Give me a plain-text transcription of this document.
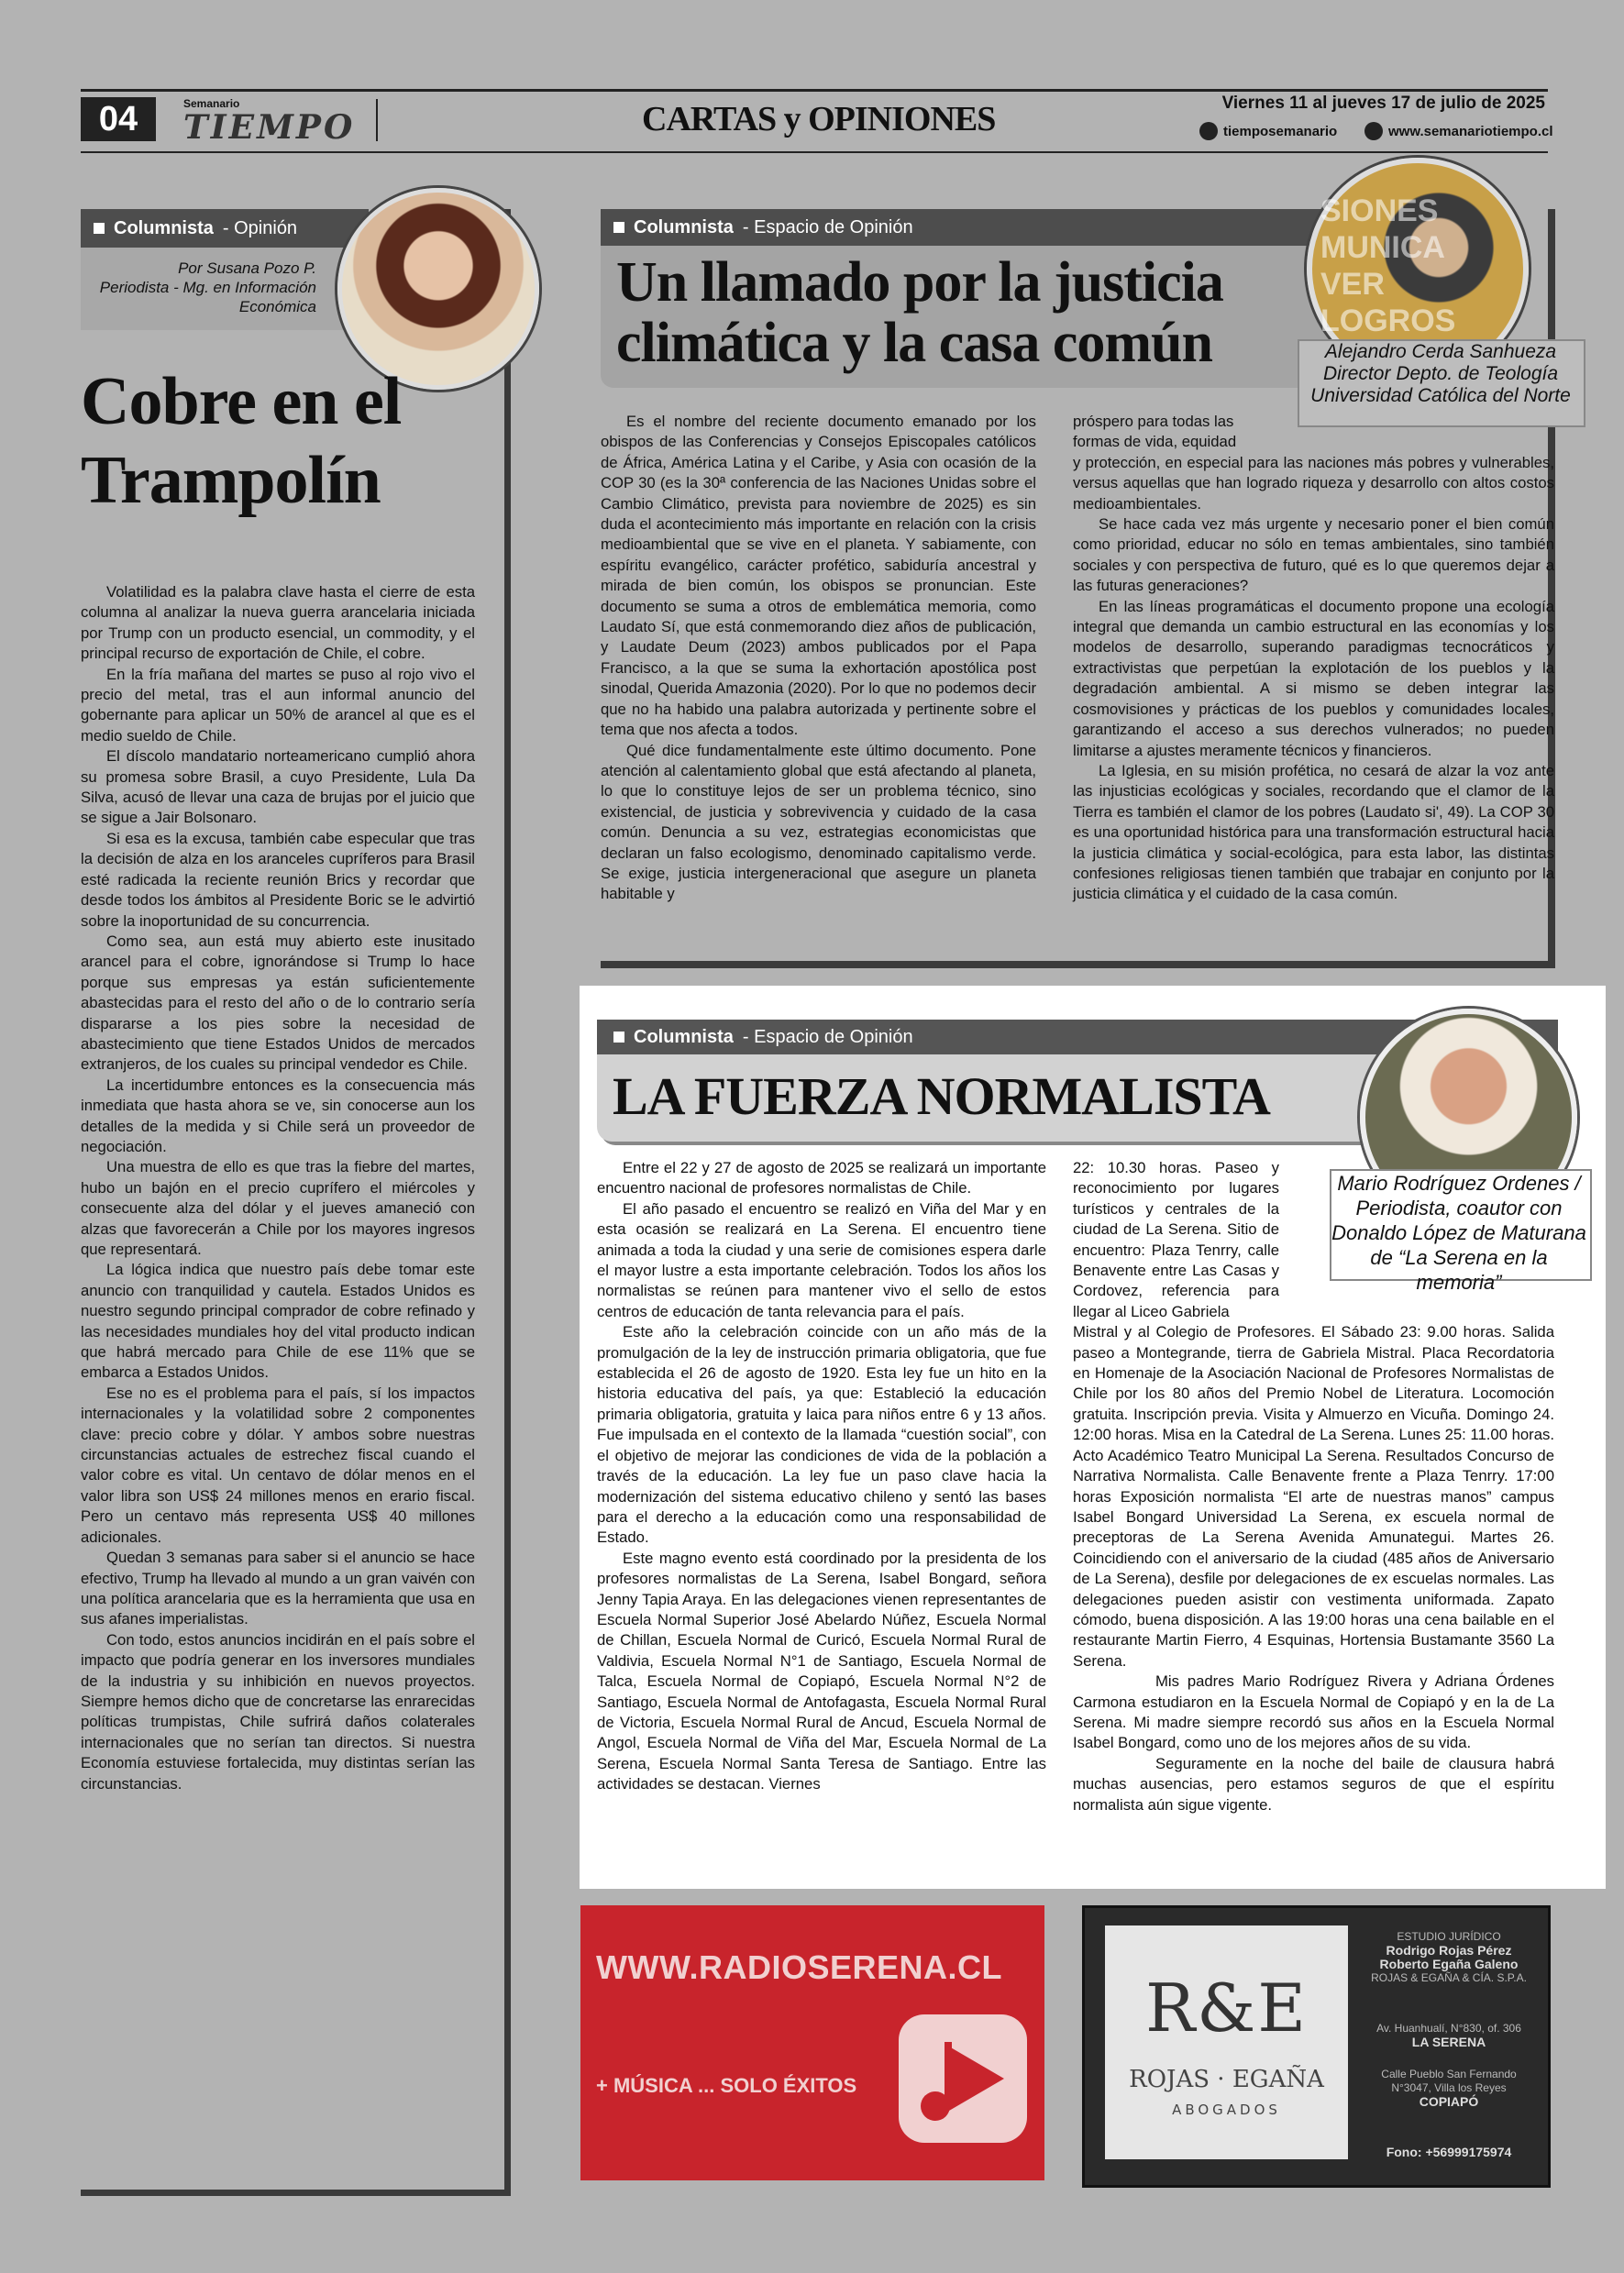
04	Semanario
TIEMPO	CARTAS y OPINIONES	Viernes 11 al jueves 17 de julio de 2025
tiemposemanario	www.semanariotiempo.cl
Columnista - Opinión
Por Susana Pozo P.
Periodista - Mg. en Información
Económica
Cobre en el Trampolín

Volatilidad es la palabra clave hasta el cierre de esta columna al analizar la nueva guerra arancelaria iniciada por Trump con un producto esencial, un commodity, y el principal recurso de exportación de Chile, el cobre.

En la fría mañana del martes se puso al rojo vivo el precio del metal, tras el aun informal anuncio del gobernante para aplicar un 50% de arancel al que es el medio sueldo de Chile.

El díscolo mandatario norteamericano cumplió ahora su promesa sobre Brasil, a cuyo Presidente, Lula Da Silva, acusó de llevar una caza de brujas por el juicio que se sigue a Jair Bolsonaro.

Si esa es la excusa, también cabe especular que tras la decisión de alza en los aranceles cupríferos para Brasil esté radicada la reciente reunión Brics y recordar que desde todos los ámbitos al Presidente Boric se le advirtió sobre la inoportunidad de su concurrencia.

Como sea, aun está muy abierto este inusitado arancel para el cobre, ignorándose si Trump lo hace porque sus empresas ya están suficientemente abastecidas para el resto del año o de lo contrario sería dispararse a los pies sobre la necesidad de abastecimiento que tiene Estados Unidos de mercados extranjeros, de los cuales su principal vendedor es Chile.

La incertidumbre entonces es la consecuencia más inmediata que hasta ahora se ve, sin conocerse aun los detalles de la medida y si Chile será un proveedor de negociación.

Una muestra de ello es que tras la fiebre del martes, hubo un bajón en el precio cuprífero el miércoles y consecuente alza del dólar y el jueves amaneció con alzas que favorecerán a Chile por los mayores ingresos que representará.

La lógica indica que nuestro país debe tomar este anuncio con tranquilidad y cautela. Estados Unidos es nuestro segundo principal comprador de cobre refinado y las necesidades mundiales hoy del vital producto indican que habrá mercado para Chile de ese 11% que se embarca a Estados Unidos.

Ese no es el problema para el país, sí los impactos internacionales y la volatilidad sobre 2 componentes clave: precio cobre y dólar. Y ambos sobre nuestras circunstancias actuales de estrechez fiscal cuando el valor cobre es vital. Un centavo de dólar menos en el valor libra son US$ 24 millones menos en erario fiscal. Pero un centavo más representa US$ 40 millones adicionales.

Quedan 3 semanas para saber si el anuncio se hace efectivo, Trump ha llevado al mundo a un gran vaivén con una política arancelaria que es la herramienta que usa en sus afanes imperialistas.

Con todo, estos anuncios incidirán en el país sobre el impacto que podría generar en los inversores mundiales de la industria y su inhibición en nuevos proyectos. Siempre hemos dicho que de concretarse las enrarecidas políticas trumpistas, Chile sufrirá daños colaterales internacionales que no serían tan directos. Si nuestra Economía estuviese fortalecida, muy distintas serían las circunstancias.

Columnista - Espacio de Opinión
Un llamado por la justicia climática y la casa común
SIONES MUNICA VER LOGROS
Alejandro Cerda Sanhueza
Director Depto. de Teología
Universidad Católica del Norte

Es el nombre del reciente documento emanado por los obispos de las Conferencias y Consejos Episcopales católicos de África, América Latina y el Caribe, y Asia con ocasión de la COP 30 (es la 30ª conferencia de las Naciones Unidas sobre el Cambio Climático, prevista para noviembre de 2025) es sin duda el acontecimiento más importante en relación con la crisis medioambiental que se vive en el planeta. Y sabiamente, con espíritu evangélico, carácter profético, sabiduría ancestral y mirada de bien común, los obispos se pronuncian. Este documento se suma a otros de emblemática memoria, como Laudato Sí, que está conmemorando diez años de publicación, y Laudate Deum (2023) ambos publicados por el Papa Francisco, a la que se suma la exhortación apostólica post sinodal, Querida Amazonia (2020). Por lo que no podemos decir que no ha habido una palabra autorizada y pertinente sobre el tema que nos afecta a todos.

Qué dice fundamentalmente este último documento. Pone atención al calentamiento global que está afectando al planeta, lo que lo constituye lejos de ser un problema técnico, sino existencial, de justicia y sobrevivencia y cuidado de la casa común. Denuncia a su vez, estrategias economicistas que declaran un falso ecologismo, denominado capitalismo verde. Se exige, justicia intergeneracional que asegure un planeta habitable y

próspero para todas las
formas de vida, equidad

y protección, en especial para las naciones más pobres y vulnerables, versus aquellas que han logrado riqueza y desarrollo con altos costos medioambientales.

Se hace cada vez más urgente y necesario poner el bien común como prioridad, educar no sólo en temas ambientales, sino también sociales y con perspectiva de futuro, qué es lo que queremos dejar a las futuras generaciones?

En las líneas programáticas el documento propone una ecología integral que demanda un cambio estructural en las economías y los modelos de desarrollo, superando paradigmas tecnocráticos y extractivistas que perpetúan la explotación de los pueblos y la degradación ambiental. A si mismo se deben integrar las cosmovisiones y prácticas de los pueblos y comunidades locales, garantizando el acceso a sus derechos vulnerados; no pueden limitarse a ajustes meramente técnicos y financieros.

La Iglesia, en su misión profética, no cesará de alzar la voz ante las injusticias ecológicas y sociales, recordando que el clamor de la Tierra es también el clamor de los pobres (Laudato si', 49). La COP 30 es una oportunidad histórica para una transformación estructural hacia la justicia climática y social-ecológica, para esta labor, las distintas confesiones religiosas tienen también que trabajar en conjunto por la justicia climática y el cuidado de la casa común.

Columnista - Espacio de Opinión
LA FUERZA NORMALISTA
Mario Rodríguez Ordenes /
Periodista, coautor con
Donaldo López de Maturana
de “La Serena en la memoria”

Entre el 22 y 27 de agosto de 2025 se realizará un importante encuentro nacional de profesores normalistas de Chile.

El año pasado el encuentro se realizó en Viña del Mar y en esta ocasión se realizará en La Serena. El encuentro tiene animada a toda la ciudad y una serie de comisiones espera darle el mayor lustre a esta importante celebración. Todos los años los normalistas se reúnen para mantener vivo el sello de estos centros de educación de tanta relevancia para el país.

Este año la celebración coincide con un año más de la promulgación de la ley de instrucción primaria obligatoria, que fue establecida el 26 de agosto de 1920. Esta ley fue un hito en la historia educativa del país, ya que: Estableció la educación primaria obligatoria, gratuita y laica para niños entre 6 y 13 años. Fue impulsada en el contexto de la llamada “cuestión social”, con el objetivo de mejorar las condiciones de vida de la población a través de la educación. La ley fue un paso clave hacia la modernización del sistema educativo chileno y sentó las bases para el derecho a la educación como una responsabilidad de Estado.

Este magno evento está coordinado por la presidenta de los profesores normalistas de La Serena, Isabel Bongard, señora Jenny Tapia Araya. En las delegaciones vienen representantes de Escuela Normal Superior José Abelardo Núñez, Escuela Normal de Chillan, Escuela Normal de Curicó, Escuela Normal Rural de Valdivia, Escuela Normal N°1 de Santiago, Escuela Normal de Talca, Escuela Normal de Copiapó, Escuela Normal N°2 de Santiago, Escuela Normal de Antofagasta, Escuela Normal Rural de Victoria, Escuela Normal Rural de Ancud, Escuela Normal de Angol, Escuela Normal de Viña del Mar, Escuela Normal de La Serena, Escuela Normal Santa Teresa de Santiago. Entre las actividades se destacan. Viernes

22: 10.30 horas. Paseo y reconocimiento por lugares turísticos y centrales de la ciudad de La Serena. Sitio de encuentro: Plaza Tenrry, calle Benavente entre Las Casas y Cordovez, referencia para llegar al Liceo Gabriela

Mistral y al Colegio de Profesores. El Sábado 23: 9.00 horas. Salida paseo a Montegrande, tierra de Gabriela Mistral. Placa Recordatoria en Homenaje de la Asociación Nacional de Profesores Normalistas de Chile por los 80 años del Premio Nobel de Literatura. Locomoción gratuita. Inscripción previa. Visita y Almuerzo en Vicuña. Domingo 24. 12:00 horas. Misa en la Catedral de La Serena. Lunes 25: 11.00 horas. Acto Académico Teatro Municipal La Serena. Resultados Concurso de Narrativa Normalista. Calle Benavente frente a Plaza Tenrry. 17:00 horas Exposición normalista “El arte de nuestras manos” campus Isabel Bongard Universidad La Serena, ex escuela normal de preceptoras de La Serena Avenida Amunategui. Martes 26. Coincidiendo con el aniversario de la ciudad (485 años de Aniversario de La Serena), desfile por delegaciones de ex escuelas normales. Las delegaciones pueden asistir con vestimenta uniformada. Zapato cómodo, buena disposición. A las 19:00 horas una cena bailable en el restaurante Martin Fierro, 4 Esquinas, Hortensia Bustamante 3560 La Serena.

Mis padres Mario Rodríguez Rivera y Adriana Órdenes Carmona estudiaron en la Escuela Normal de Copiapó y en la de La Serena. Mi madre siempre recordó sus años en la Escuela Normal Isabel Bongard, como uno de los mejores años de su vida.

Seguramente en la noche del baile de clausura habrá muchas ausencias, pero estamos seguros de que el espíritu normalista aún sigue vigente.

WWW.RADIOSERENA.CL
+ MÚSICA ... SOLO ÉXITOS
R&E
ROJAS · EGAÑA
ABOGADOS
ESTUDIO JURÍDICO
Rodrigo Rojas Pérez
Roberto Egaña Galeno
ROJAS & EGAÑA & CÍA. S.P.A.
Av. Huanhualí, N°830, of. 306
LA SERENA
Calle Pueblo San Fernando N°3047, Villa los Reyes
COPIAPÓ
Fono: +56999175974
